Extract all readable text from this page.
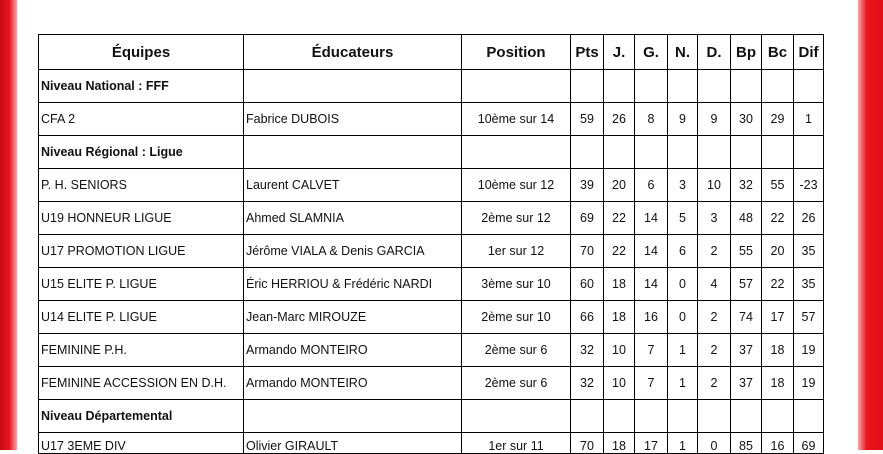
Équipes	Éducateurs	Position	Pts	J.	G.	N.	D.	Bp	Bc	Dif
Niveau National : FFF										
CFA 2	Fabrice DUBOIS	10ème sur 14	59	26	8	9	9	30	29	1
Niveau Régional : Ligue										
P. H. SENIORS	Laurent CALVET	10ème sur 12	39	20	6	3	10	32	55	-23
U19 HONNEUR LIGUE	Ahmed SLAMNIA	2ème sur 12	69	22	14	5	3	48	22	26
U17 PROMOTION LIGUE	Jérôme VIALA & Denis GARCIA	1er sur 12	70	22	14	6	2	55	20	35
U15 ELITE P. LIGUE	Éric HERRIOU & Frédéric NARDI	3ème sur 10	60	18	14	0	4	57	22	35
U14 ELITE P. LIGUE	Jean-Marc MIROUZE	2ème sur 10	66	18	16	0	2	74	17	57
FEMININE P.H.	Armando MONTEIRO	2ème sur 6	32	10	7	1	2	37	18	19
FEMININE ACCESSION EN D.H.	Armando MONTEIRO	2ème sur 6	32	10	7	1	2	37	18	19
Niveau Départemental										
U17 3EME DIV	Olivier GIRAULT	1er sur 11	70	18	17	1	0	85	16	69
